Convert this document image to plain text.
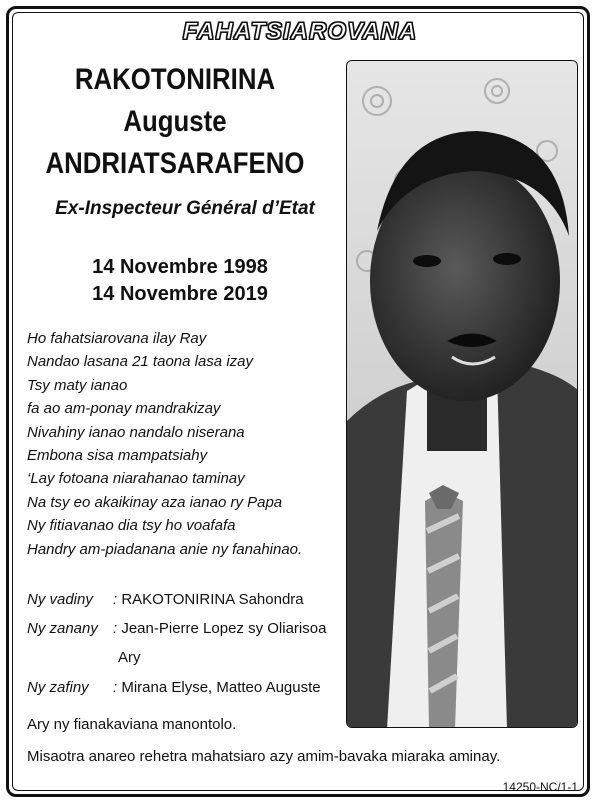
FAHATSIAROVANA
RAKOTONIRINA
Auguste
ANDRIATSARAFENO
Ex-Inspecteur Général d’Etat
14 Novembre 1998
14 Novembre 2019
Ho fahatsiarovana ilay Ray
Nandao lasana 21 taona lasa izay
Tsy maty ianao
fa ao am-ponay mandrakizay
Nivahiny ianao nandalo niserana
Embona sisa mampatsiahy
‘Lay fotoana niarahanao taminay
Na tsy eo akaikinay aza ianao ry Papa
Ny fitiavanao dia tsy ho voafafa
Handry am-piadanana anie ny fanahinao.
Ny vadiny : RAKOTONIRINA Sahondra
Ny zanany : Jean-Pierre Lopez sy Oliarisoa
Ary
Ny zafiny : Mirana Elyse, Matteo Auguste
Ary ny fianakaviana manontolo.
Misaotra anareo rehetra mahatsiaro azy amim-bavaka miaraka aminay.
14250-NC/1-1
